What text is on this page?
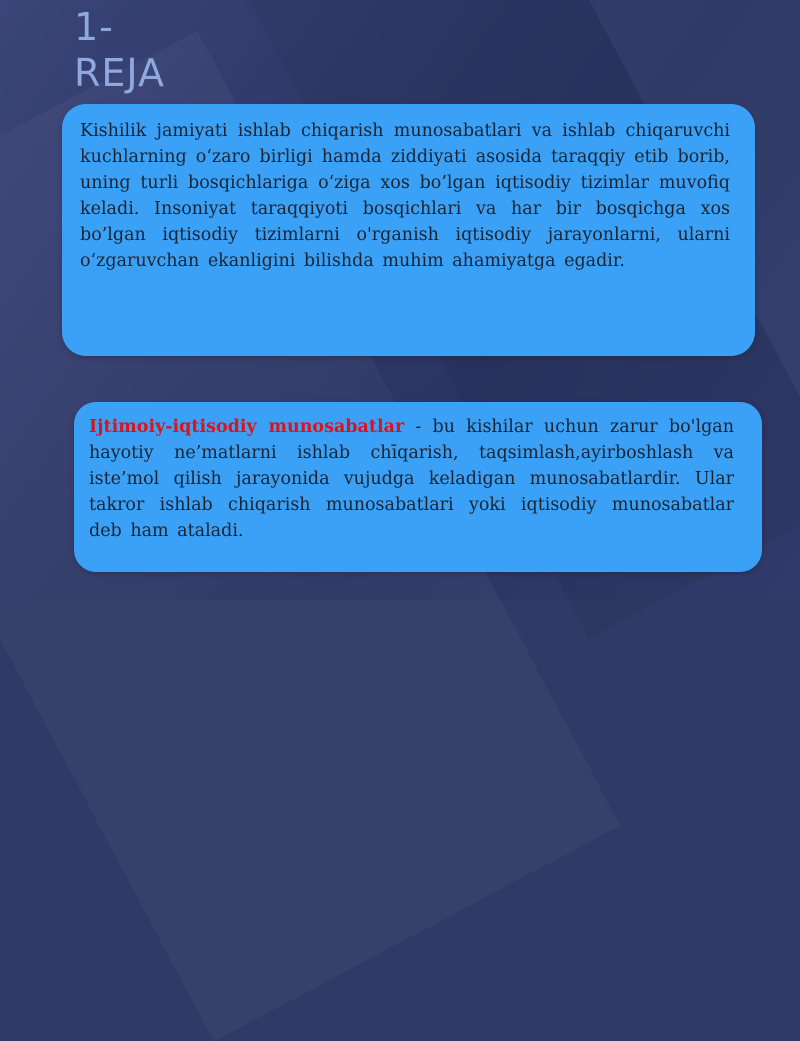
1-
REJA

Kishilik jamiyati ishlab chiqarish munosabatlari va ishlab chiqaruvchi kuchlarning o‘zaro birligi hamda ziddiyati asosida taraqqiy etib borib, uning turli bosqichlariga o‘ziga xos bo’lgan iqtisodiy tizimlar muvofiq keladi. Insoniyat taraqqiyoti bosqichlari va har bir bosqichga xos bo’lgan iqtisodiy tizimlarni o'rganish iqtisodiy jarayonlarni, ularni o‘zgaruvchan ekanligini bilishda muhim ahamiyatga egadir.

Ijtimoiy-iqtisodiy munosabatlar - bu kishilar uchun zarur bo'lgan hayotiy ne’matlarni ishlab chīqarish, taqsimlash,ayirboshlash va iste’mol qilish jarayonida vujudga keladigan munosabatlardir. Ular takror ishlab chiqarish munosabatlari yoki iqtisodiy munosabatlar deb ham ataladi.
